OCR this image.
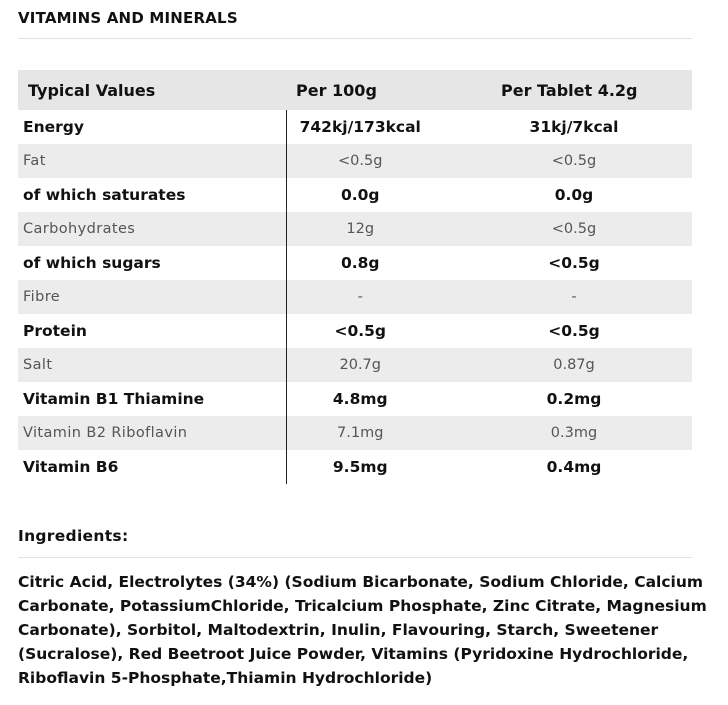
VITAMINS AND MINERALS
Typical Values	Per 100g	Per Tablet 4.2g
Energy	742kj/173kcal	31kj/7kcal
Fat	<0.5g	<0.5g
of which saturates	0.0g	0.0g
Carbohydrates	12g	<0.5g
of which sugars	0.8g	<0.5g
Fibre	-	-
Protein	<0.5g	<0.5g
Salt	20.7g	0.87g
Vitamin B1 Thiamine	4.8mg	0.2mg
Vitamin B2 Riboflavin	7.1mg	0.3mg
Vitamin B6	9.5mg	0.4mg
Ingredients:
Citric Acid, Electrolytes (34%) (Sodium Bicarbonate, Sodium Chloride, Calcium Carbonate, PotassiumChloride, Tricalcium Phosphate, Zinc Citrate, Magnesium Carbonate), Sorbitol, Maltodextrin, Inulin, Flavouring, Starch, Sweetener (Sucralose), Red Beetroot Juice Powder, Vitamins (Pyridoxine Hydrochloride, Riboflavin 5-Phosphate,Thiamin Hydrochloride)
